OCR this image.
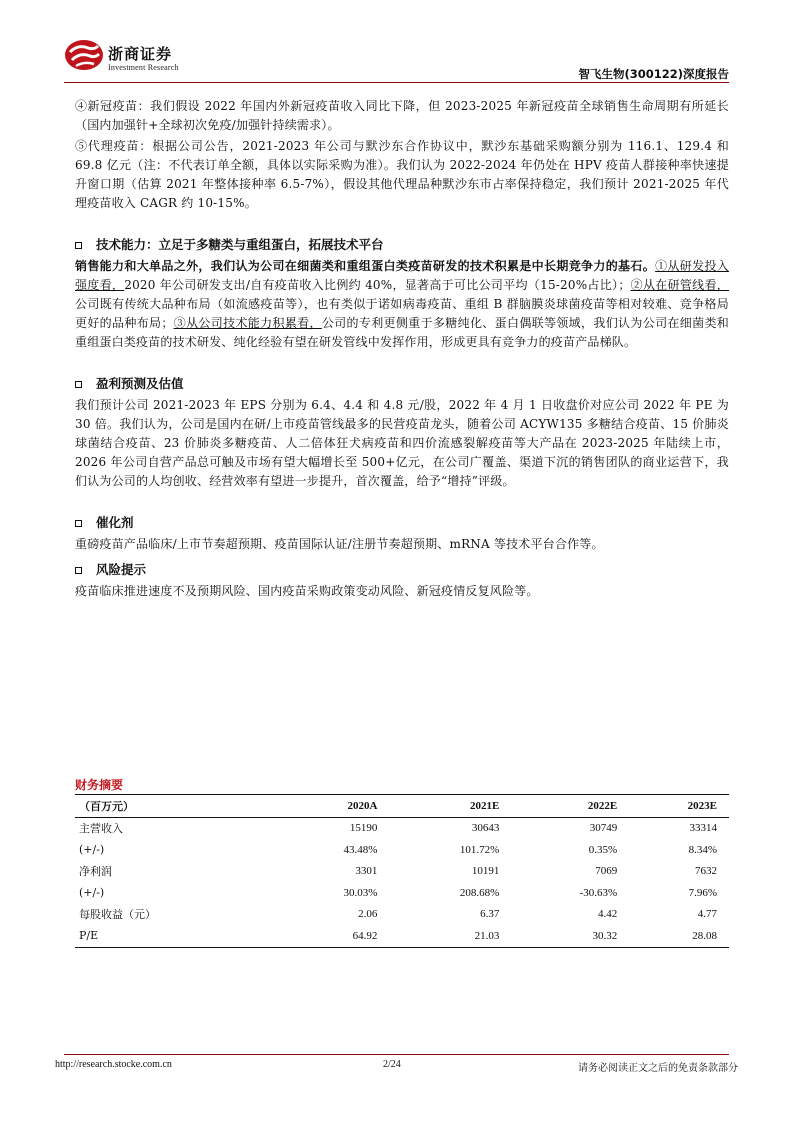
浙商证券
Investment Research	智飞生物(300122)深度报告

④新冠疫苗：我们假设 2022 年国内外新冠疫苗收入同比下降，但 2023-2025 年新冠疫苗全球销售生命周期有所延长（国内加强针+全球初次免疫/加强针持续需求）。

⑤代理疫苗：根据公司公告，2021-2023 年公司与默沙东合作协议中，默沙东基础采购额分别为 116.1、129.4 和 69.8 亿元（注：不代表订单全额，具体以实际采购为准）。我们认为 2022-2024 年仍处在 HPV 疫苗人群接种率快速提升窗口期（估算 2021 年整体接种率 6.5-7%），假设其他代理品种默沙东市占率保持稳定，我们预计 2021-2025 年代理疫苗收入 CAGR 约 10-15%。

技术能力：立足于多糖类与重组蛋白，拓展技术平台

销售能力和大单品之外，我们认为公司在细菌类和重组蛋白类疫苗研发的技术积累是中长期竞争力的基石。①从研发投入强度看，2020 年公司研发支出/自有疫苗收入比例约 40%，显著高于可比公司平均（15-20%占比）；②从在研管线看，公司既有传统大品种布局（如流感疫苗等），也有类似于诺如病毒疫苗、重组 B 群脑膜炎球菌疫苗等相对较难、竞争格局更好的品种布局；③从公司技术能力积累看，公司的专利更侧重于多糖纯化、蛋白偶联等领域，我们认为公司在细菌类和重组蛋白类疫苗的技术研发、纯化经验有望在研发管线中发挥作用，形成更具有竞争力的疫苗产品梯队。

盈利预测及估值

我们预计公司 2021-2023 年 EPS 分别为 6.4、4.4 和 4.8 元/股，2022 年 4 月 1 日收盘价对应公司 2022 年 PE 为 30 倍。我们认为，公司是国内在研/上市疫苗管线最多的民营疫苗龙头，随着公司 ACYW135 多糖结合疫苗、15 价肺炎球菌结合疫苗、23 价肺炎多糖疫苗、人二倍体狂犬病疫苗和四价流感裂解疫苗等大产品在 2023-2025 年陆续上市，2026 年公司自营产品总可触及市场有望大幅增长至 500+亿元，在公司广覆盖、渠道下沉的销售团队的商业运营下，我们认为公司的人均创收、经营效率有望进一步提升，首次覆盖，给予“增持”评级。

催化剂

重磅疫苗产品临床/上市节奏超预期、疫苗国际认证/注册节奏超预期、mRNA 等技术平台合作等。

风险提示

疫苗临床推进速度不及预期风险、国内疫苗采购政策变动风险、新冠疫情反复风险等。

财务摘要
（百万元）	2020A	2021E	2022E	2023E
主营收入	15190	30643	30749	33314
(+/-)	43.48%	101.72%	0.35%	8.34%
净利润	3301	10191	7069	7632
(+/-)	30.03%	208.68%	-30.63%	7.96%
每股收益（元）	2.06	6.37	4.42	4.77
P/E	64.92	21.03	30.32	28.08
http://research.stocke.com.cn	2/24	请务必阅读正文之后的免责条款部分
